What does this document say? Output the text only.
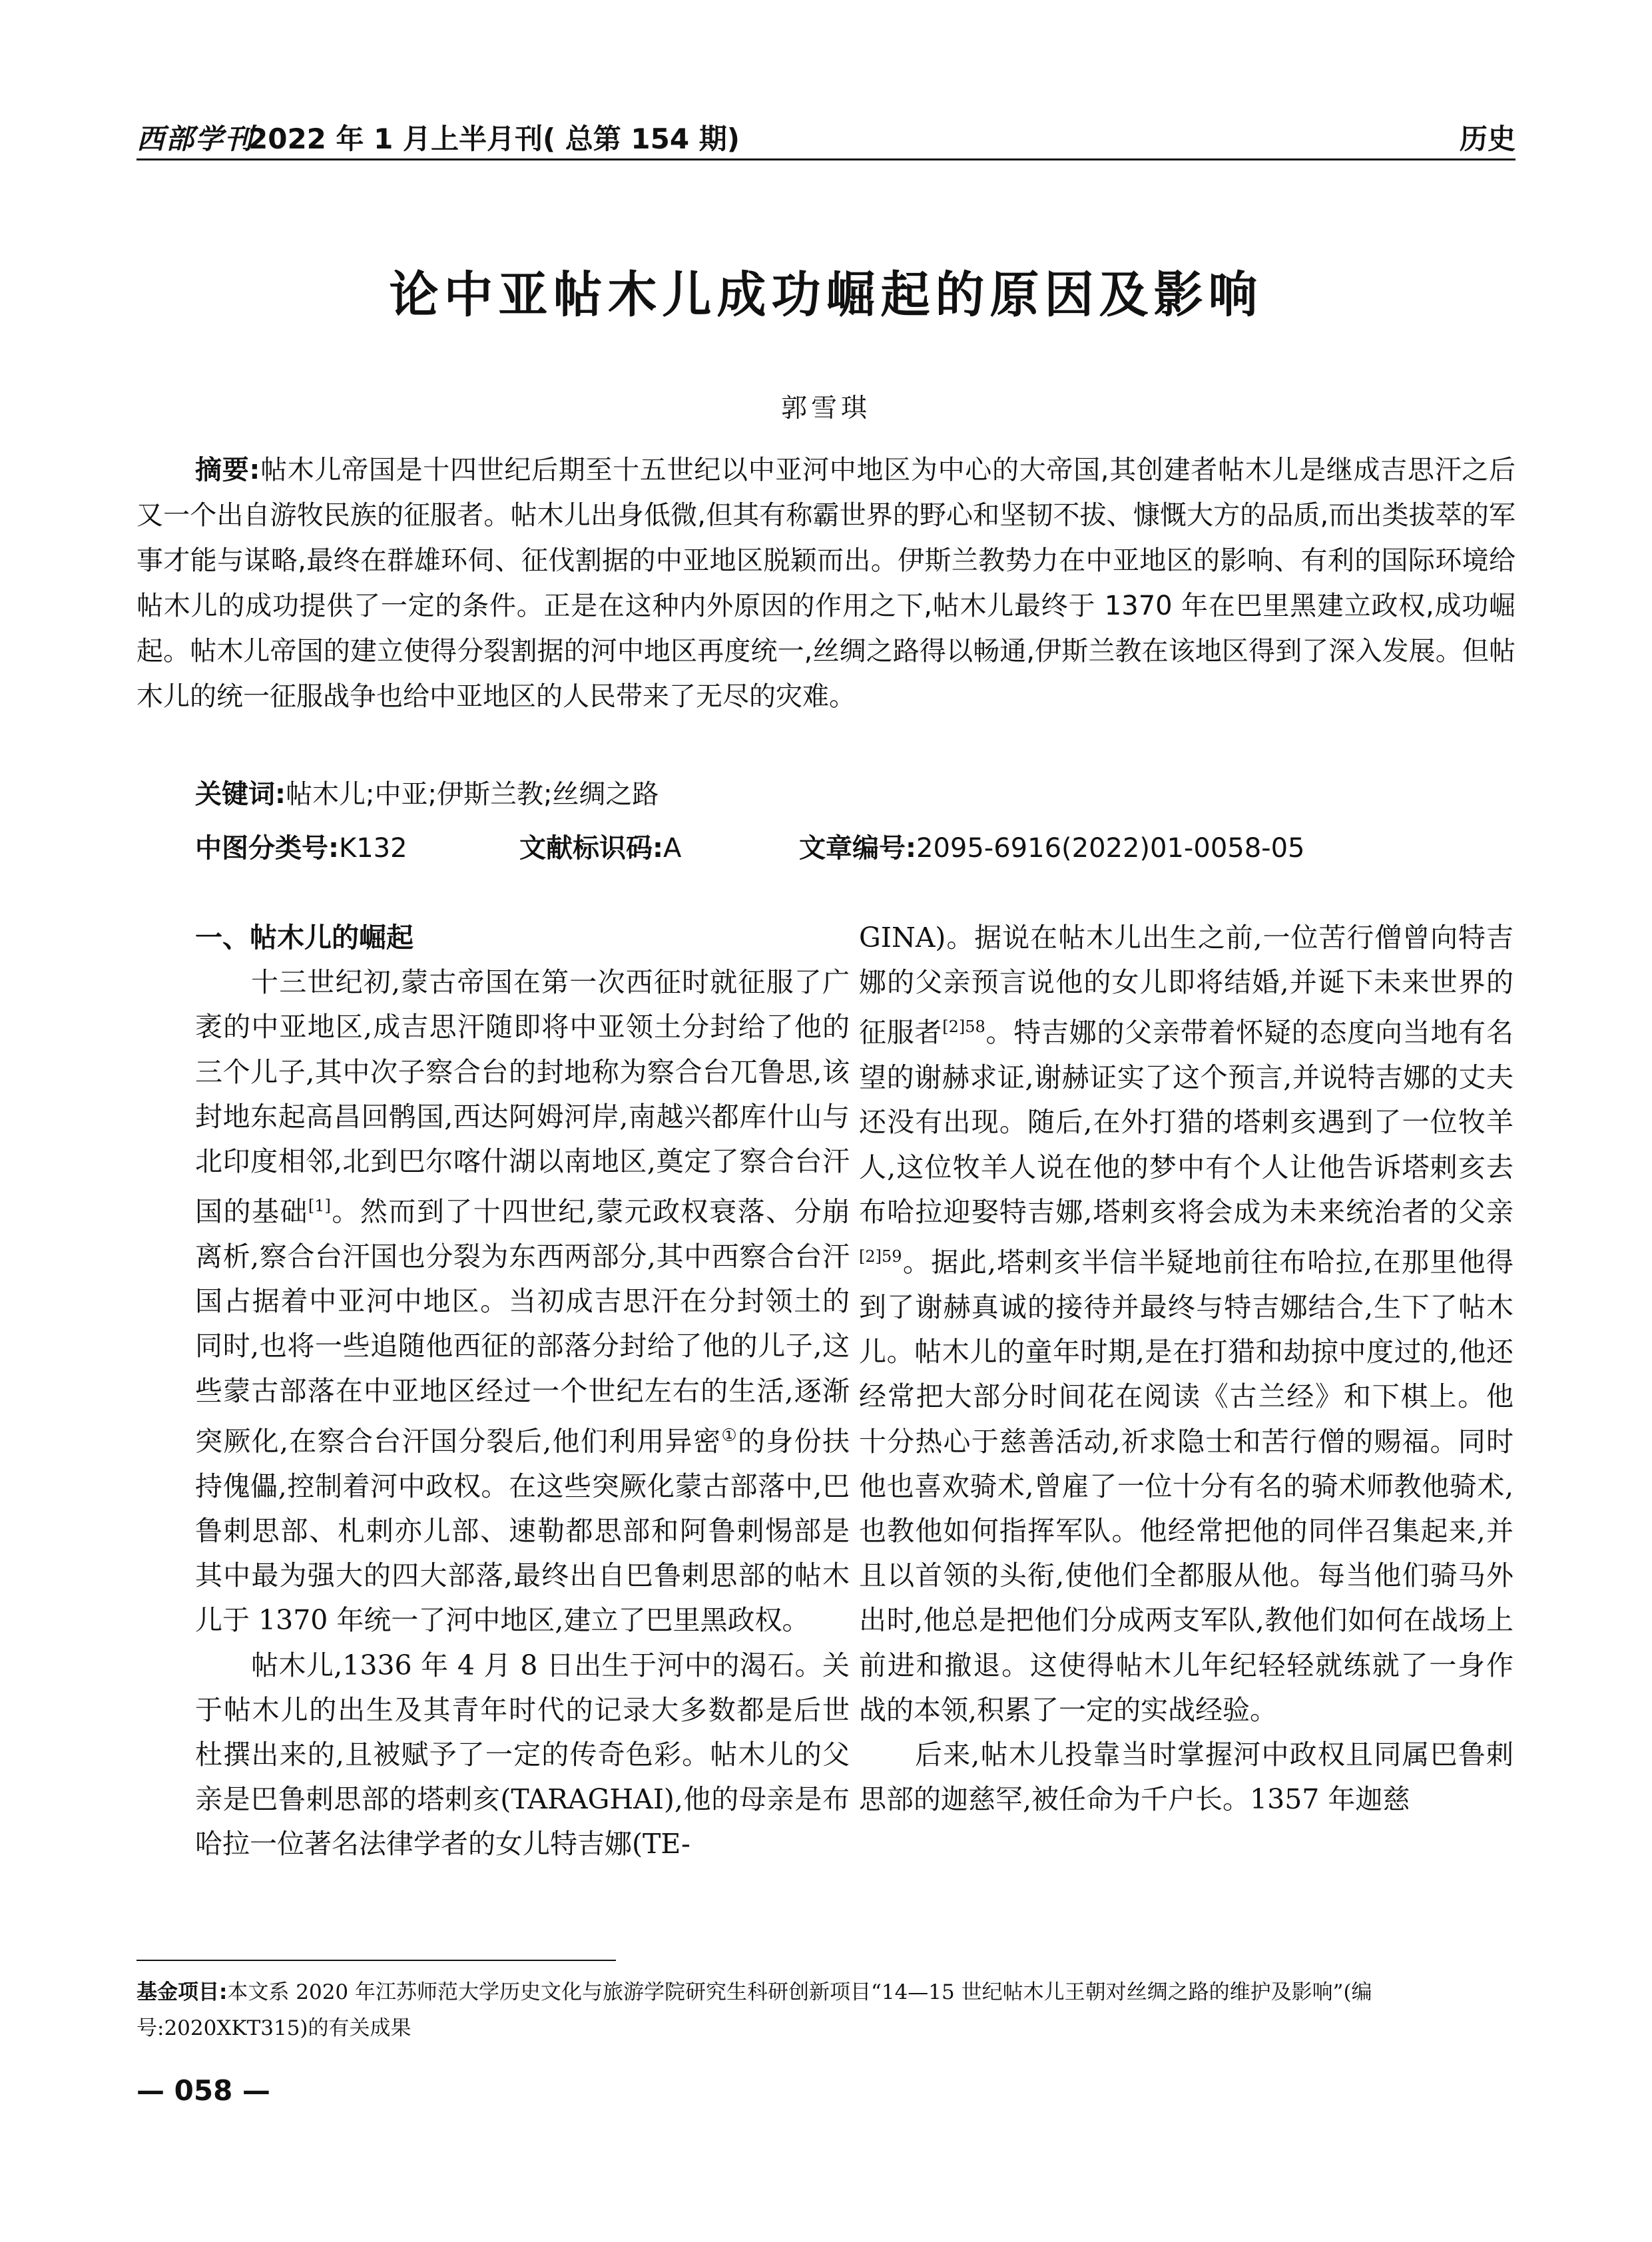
西部学刊
2022 年 1 月上半月刊( 总第 154 期)	历史
论中亚帖木儿成功崛起的原因及影响
郭雪琪
摘要:帖木儿帝国是十四世纪后期至十五世纪以中亚河中地区为中心的大帝国,其创建者帖木儿是继成吉思汗之后又一个出自游牧民族的征服者。帖木儿出身低微,但其有称霸世界的野心和坚韧不拔、慷慨大方的品质,而出类拔萃的军事才能与谋略,最终在群雄环伺、征伐割据的中亚地区脱颖而出。伊斯兰教势力在中亚地区的影响、有利的国际环境给帖木儿的成功提供了一定的条件。正是在这种内外原因的作用之下,帖木儿最终于 1370 年在巴里黑建立政权,成功崛起。帖木儿帝国的建立使得分裂割据的河中地区再度统一,丝绸之路得以畅通,伊斯兰教在该地区得到了深入发展。但帖木儿的统一征服战争也给中亚地区的人民带来了无尽的灾难。
关键词:帖木儿;中亚;伊斯兰教;丝绸之路
中图分类号:K132	文献标识码:A	文章编号:2095-6916(2022)01-0058-05
一、帖木儿的崛起

十三世纪初,蒙古帝国在第一次西征时就征服了广袤的中亚地区,成吉思汗随即将中亚领土分封给了他的三个儿子,其中次子察合台的封地称为察合台兀鲁思,该封地东起高昌回鹘国,西达阿姆河岸,南越兴都库什山与北印度相邻,北到巴尔喀什湖以南地区,奠定了察合台汗国的基础[1]。然而到了十四世纪,蒙元政权衰落、分崩离析,察合台汗国也分裂为东西两部分,其中西察合台汗国占据着中亚河中地区。当初成吉思汗在分封领土的同时,也将一些追随他西征的部落分封给了他的儿子,这些蒙古部落在中亚地区经过一个世纪左右的生活,逐渐突厥化,在察合台汗国分裂后,他们利用异密①的身份扶持傀儡,控制着河中政权。在这些突厥化蒙古部落中,巴鲁剌思部、札剌亦儿部、速勒都思部和阿鲁剌惕部是其中最为强大的四大部落,最终出自巴鲁剌思部的帖木儿于 1370 年统一了河中地区,建立了巴里黑政权。

帖木儿,1336 年 4 月 8 日出生于河中的渴石。关于帖木儿的出生及其青年时代的记录大多数都是后世杜撰出来的,且被赋予了一定的传奇色彩。帖木儿的父亲是巴鲁剌思部的塔剌亥(TARAGHAI),他的母亲是布哈拉一位著名法律学者的女儿特吉娜(TE-

GINA)。据说在帖木儿出生之前,一位苦行僧曾向特吉娜的父亲预言说他的女儿即将结婚,并诞下未来世界的征服者$^{[2]58}$。特吉娜的父亲带着怀疑的态度向当地有名望的谢赫求证,谢赫证实了这个预言,并说特吉娜的丈夫还没有出现。随后,在外打猎的塔剌亥遇到了一位牧羊人,这位牧羊人说在他的梦中有个人让他告诉塔剌亥去布哈拉迎娶特吉娜,塔剌亥将会成为未来统治者的父亲$^{[2]59}$。据此,塔剌亥半信半疑地前往布哈拉,在那里他得到了谢赫真诚的接待并最终与特吉娜结合,生下了帖木儿。帖木儿的童年时期,是在打猎和劫掠中度过的,他还经常把大部分时间花在阅读《古兰经》和下棋上。他十分热心于慈善活动,祈求隐士和苦行僧的赐福。同时他也喜欢骑术,曾雇了一位十分有名的骑术师教他骑术,也教他如何指挥军队。他经常把他的同伴召集起来,并且以首领的头衔,使他们全都服从他。每当他们骑马外出时,他总是把他们分成两支军队,教他们如何在战场上前进和撤退。这使得帖木儿年纪轻轻就练就了一身作战的本领,积累了一定的实战经验。

后来,帖木儿投靠当时掌握河中政权且同属巴鲁剌思部的迦慈罕,被任命为千户长。1357 年迦慈

基金项目:本文系 2020 年江苏师范大学历史文化与旅游学院研究生科研创新项目“14—15 世纪帖木儿王朝对丝绸之路的维护及影响”(编号:2020XKT315)的有关成果
— 058 —
